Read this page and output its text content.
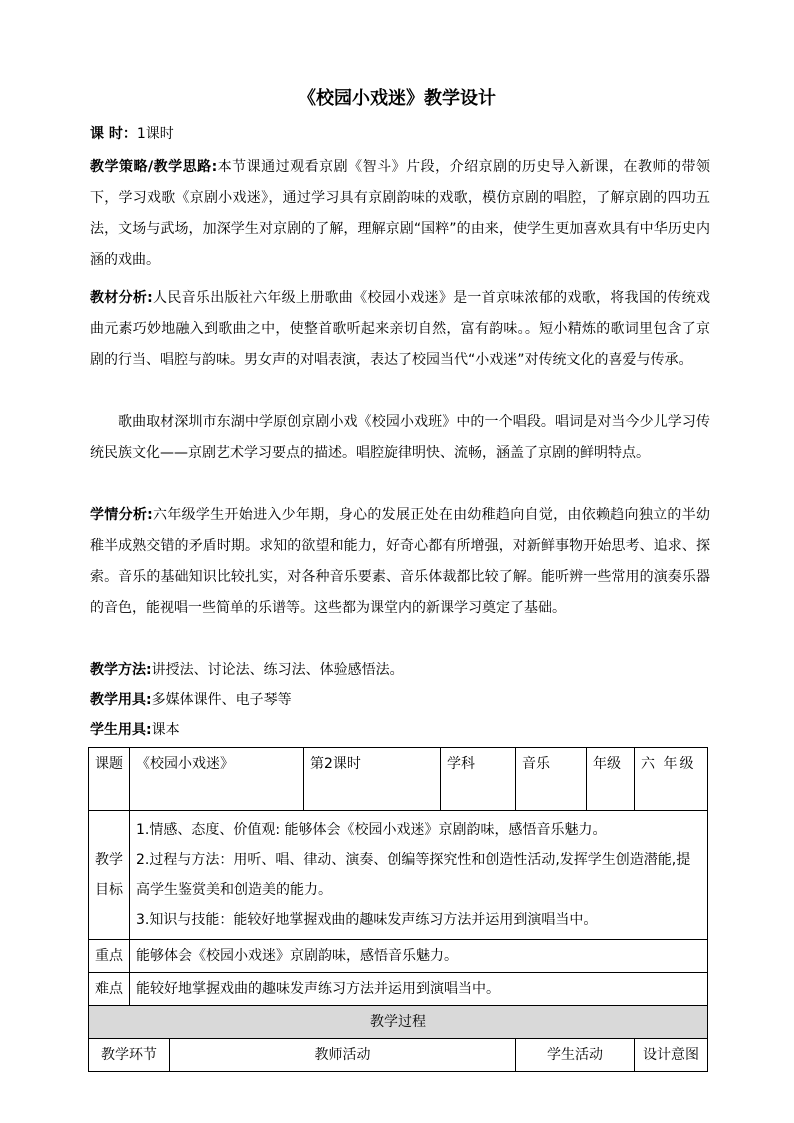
《校园小戏迷》教学设计
课 时：1课时
教学策略/教学思路:本节课通过观看京剧《智斗》片段，介绍京剧的历史导入新课，在教师的带领下，学习戏歌《京剧小戏迷》，通过学习具有京剧韵味的戏歌，模仿京剧的唱腔，了解京剧的四功五法，文场与武场，加深学生对京剧的了解，理解京剧“国粹”的由来，使学生更加喜欢具有中华历史内涵的戏曲。
教材分析:人民音乐出版社六年级上册歌曲《校园小戏迷》是一首京味浓郁的戏歌，将我国的传统戏曲元素巧妙地融入到歌曲之中，使整首歌听起来亲切自然，富有韵味。。短小精炼的歌词里包含了京剧的行当、唱腔与韵味。男女声的对唱表演，表达了校园当代“小戏迷”对传统文化的喜爱与传承。
歌曲取材深圳市东湖中学原创京剧小戏《校园小戏班》中的一个唱段。唱词是对当今少儿学习传统民族文化——京剧艺术学习要点的描述。唱腔旋律明快、流畅，涵盖了京剧的鲜明特点。
学情分析:六年级学生开始进入少年期，身心的发展正处在由幼稚趋向自觉，由依赖趋向独立的半幼稚半成熟交错的矛盾时期。求知的欲望和能力，好奇心都有所增强，对新鲜事物开始思考、追求、探索。音乐的基础知识比较扎实，对各种音乐要素、音乐体裁都比较了解。能听辨一些常用的演奏乐器的音色，能视唱一些简单的乐谱等。这些都为课堂内的新课学习奠定了基础。
教学方法:讲授法、讨论法、练习法、体验感悟法。
教学用具:多媒体课件、电子琴等
学生用具:课本
课题	《校园小戏迷》		第2课时	学科	音乐	年级	六 年级

教学目标	1.情感、态度、价值观: 能够体会《校园小戏迷》京剧韵味，感悟音乐魅力。
2.过程与方法：用听、唱、律动、演奏、创编等探究性和创造性活动,发挥学生创造潜能,提高学生鉴赏美和创造美的能力。
3.知识与技能：能较好地掌握戏曲的趣味发声练习方法并运用到演唱当中。						

重点	能够体会《校园小戏迷》京剧韵味，感悟音乐魅力。						
难点	能较好地掌握戏曲的趣味发声练习方法并运用到演唱当中。						
教学过程							
教学环节		教师活动			学生活动		设计意图
